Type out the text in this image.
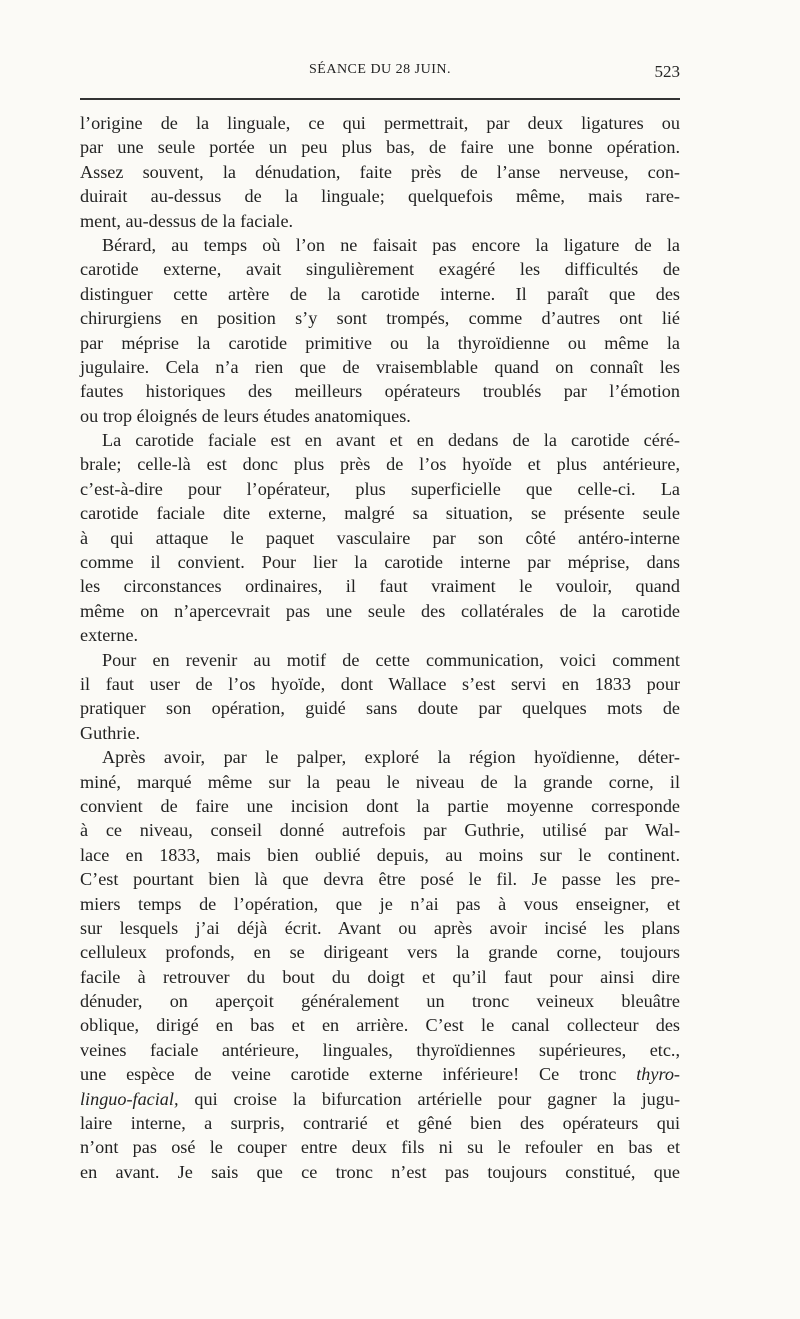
SÉANCE DU 28 JUIN.	523
l’origine de la linguale, ce qui permettrait, par deux ligatures ou
par une seule portée un peu plus bas, de faire une bonne opération.
Assez souvent, la dénudation, faite près de l’anse nerveuse, con-
duirait au-dessus de la linguale; quelquefois même, mais rare-
ment, au-dessus de la faciale.
Bérard, au temps où l’on ne faisait pas encore la ligature de la
carotide externe, avait singulièrement exagéré les difficultés de
distinguer cette artère de la carotide interne. Il paraît que des
chirurgiens en position s’y sont trompés, comme d’autres ont lié
par méprise la carotide primitive ou la thyroïdienne ou même la
jugulaire. Cela n’a rien que de vraisemblable quand on connaît les
fautes historiques des meilleurs opérateurs troublés par l’émotion
ou trop éloignés de leurs études anatomiques.
La carotide faciale est en avant et en dedans de la carotide céré-
brale; celle-là est donc plus près de l’os hyoïde et plus antérieure,
c’est-à-dire pour l’opérateur, plus superficielle que celle-ci. La
carotide faciale dite externe, malgré sa situation, se présente seule
à qui attaque le paquet vasculaire par son côté antéro-interne
comme il convient. Pour lier la carotide interne par méprise, dans
les circonstances ordinaires, il faut vraiment le vouloir, quand
même on n’apercevrait pas une seule des collatérales de la carotide
externe.
Pour en revenir au motif de cette communication, voici comment
il faut user de l’os hyoïde, dont Wallace s’est servi en 1833 pour
pratiquer son opération, guidé sans doute par quelques mots de
Guthrie.
Après avoir, par le palper, exploré la région hyoïdienne, déter-
miné, marqué même sur la peau le niveau de la grande corne, il
convient de faire une incision dont la partie moyenne corresponde
à ce niveau, conseil donné autrefois par Guthrie, utilisé par Wal-
lace en 1833, mais bien oublié depuis, au moins sur le continent.
C’est pourtant bien là que devra être posé le fil. Je passe les pre-
miers temps de l’opération, que je n’ai pas à vous enseigner, et
sur lesquels j’ai déjà écrit. Avant ou après avoir incisé les plans
celluleux profonds, en se dirigeant vers la grande corne, toujours
facile à retrouver du bout du doigt et qu’il faut pour ainsi dire
dénuder, on aperçoit généralement un tronc veineux bleuâtre
oblique, dirigé en bas et en arrière. C’est le canal collecteur des
veines faciale antérieure, linguales, thyroïdiennes supérieures, etc.,
une espèce de veine carotide externe inférieure! Ce tronc thyro-
linguo-facial, qui croise la bifurcation artérielle pour gagner la jugu-
laire interne, a surpris, contrarié et gêné bien des opérateurs qui
n’ont pas osé le couper entre deux fils ni su le refouler en bas et
en avant. Je sais que ce tronc n’est pas toujours constitué, que
